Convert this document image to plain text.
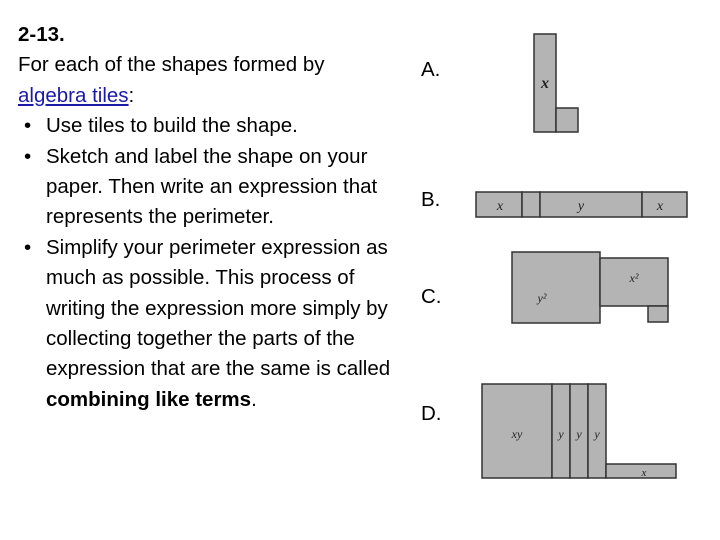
2-13.

For each of the shapes formed by algebra tiles:

• Use tiles to build the shape.
• Sketch and label the shape on your paper. Then write an expression that represents the perimeter.
• Simplify your perimeter expression as much as possible. This process of writing the expression more simply by collecting together the parts of the expression that are the same is called combining like terms.
A.
B.
C.
D.
x
x	y	x
y²
x²
xy	y y y
x
